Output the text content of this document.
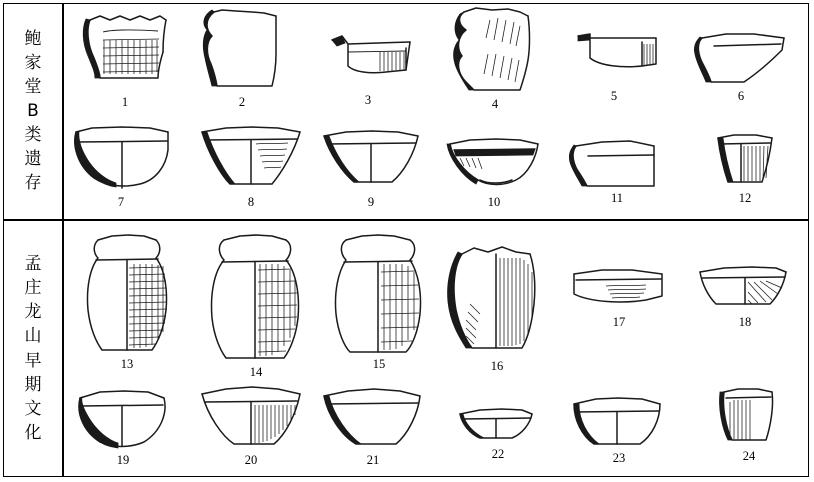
鲍
家
堂
B
类
遗
存
孟
庄
龙
山
早
期
文
化
1	2	3	4
5	6
7	8	9	10	11	12
13
14
15	16
17	18
19	20	21	22	23	24
